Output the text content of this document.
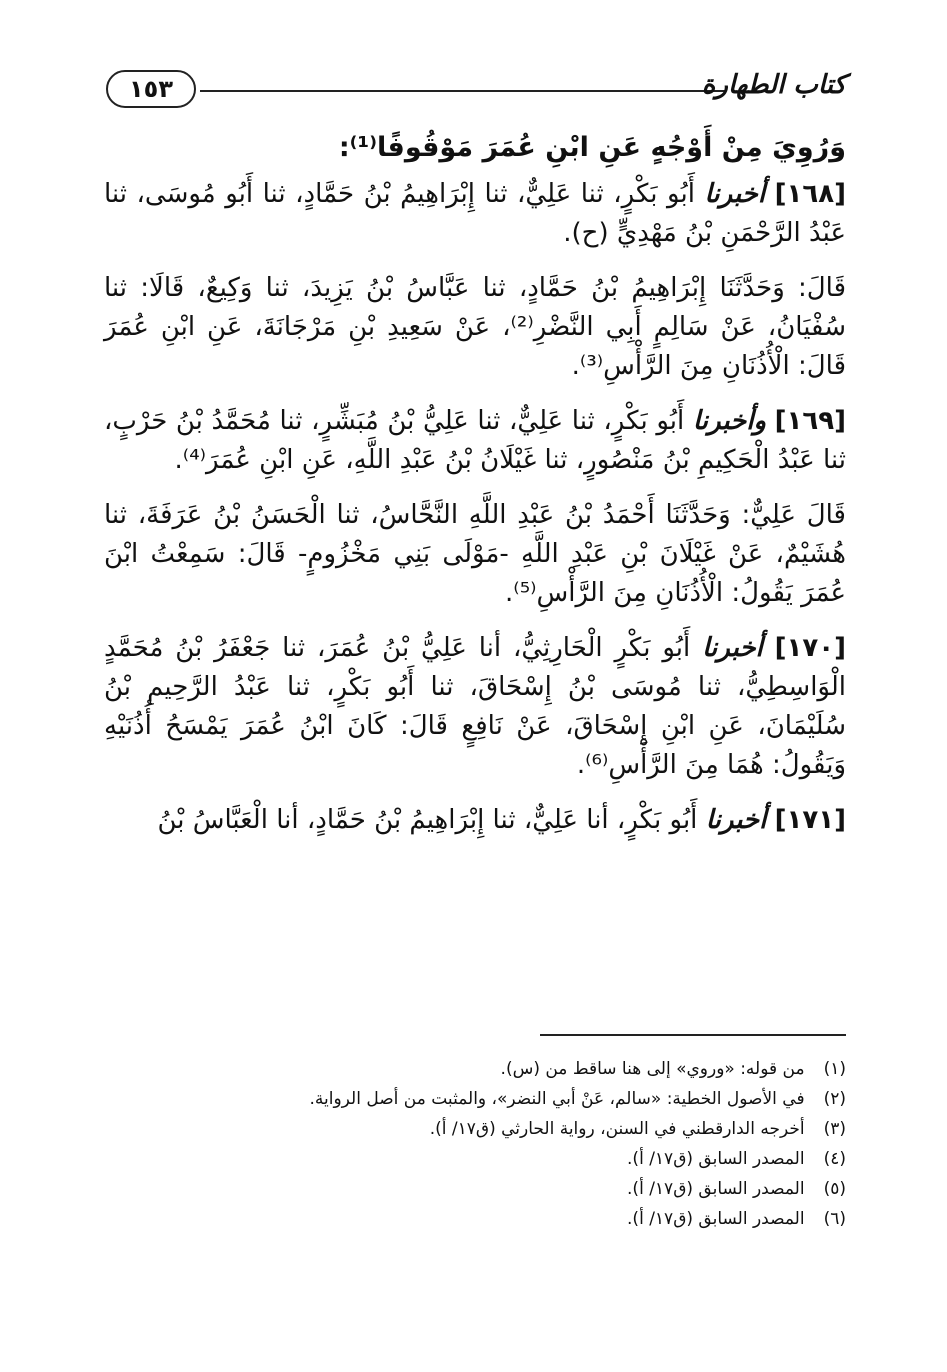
١٥٣	كتاب الطهارة

وَرُوِيَ مِنْ أَوْجُهٍ عَنِ ابْنِ عُمَرَ مَوْقُوفًا⁽¹⁾:

[١٦٨] أخبرنا أَبُو بَكْرٍ، ثنا عَلِيٌّ، ثنا إِبْرَاهِيمُ بْنُ حَمَّادٍ، ثنا أَبُو مُوسَى، ثنا عَبْدُ الرَّحْمَنِ بْنُ مَهْدِيٍّ (ح).

قَالَ: وَحَدَّثَنَا إِبْرَاهِيمُ بْنُ حَمَّادٍ، ثنا عَبَّاسُ بْنُ يَزِيدَ، ثنا وَكِيعٌ، قَالَا: ثنا سُفْيَانُ، عَنْ سَالِمٍ أَبِي النَّضْرِ⁽²⁾، عَنْ سَعِيدِ بْنِ مَرْجَانَةَ، عَنِ ابْنِ عُمَرَ قَالَ: الْأُذُنَانِ مِنَ الرَّأْسِ⁽³⁾.

[١٦٩] وأخبرنا أَبُو بَكْرٍ، ثنا عَلِيٌّ، ثنا عَلِيُّ بْنُ مُبَشِّرٍ، ثنا مُحَمَّدُ بْنُ حَرْبٍ، ثنا عَبْدُ الْحَكِيمِ بْنُ مَنْصُورٍ، ثنا غَيْلَانُ بْنُ عَبْدِ اللَّهِ، عَنِ ابْنِ عُمَرَ⁽⁴⁾.

قَالَ عَلِيٌّ: وَحَدَّثَنَا أَحْمَدُ بْنُ عَبْدِ اللَّهِ النَّحَّاسُ، ثنا الْحَسَنُ بْنُ عَرَفَةَ، ثنا هُشَيْمٌ، عَنْ غَيْلَانَ بْنِ عَبْدِ اللَّهِ -مَوْلَى بَنِي مَخْزُومٍ- قَالَ: سَمِعْتُ ابْنَ عُمَرَ يَقُولُ: الْأُذُنَانِ مِنَ الرَّأْسِ⁽⁵⁾.

[١٧٠] أخبرنا أَبُو بَكْرٍ الْحَارِثِيُّ، أنا عَلِيُّ بْنُ عُمَرَ، ثنا جَعْفَرُ بْنُ مُحَمَّدٍ الْوَاسِطِيُّ، ثنا مُوسَى بْنُ إِسْحَاقَ، ثنا أَبُو بَكْرٍ، ثنا عَبْدُ الرَّحِيمِ بْنُ سُلَيْمَانَ، عَنِ ابْنِ إِسْحَاقَ، عَنْ نَافِعٍ قَالَ: كَانَ ابْنُ عُمَرَ يَمْسَحُ أُذُنَيْهِ وَيَقُولُ: هُمَا مِنَ الرَّأْسِ⁽⁶⁾.

[١٧١] أخبرنا أَبُو بَكْرٍ، أنا عَلِيٌّ، ثنا إِبْرَاهِيمُ بْنُ حَمَّادٍ، أنا الْعَبَّاسُ بْنُ

(١) من قوله: «وروي» إلى هنا ساقط من (س).

(٢) في الأصول الخطية: «سالم، عَنْ أبي النضر»، والمثبت من أصل الرواية.

(٣) أخرجه الدارقطني في السنن، رواية الحارثي (ق١٧/ أ).

(٤) المصدر السابق (ق١٧/ أ).

(٥) المصدر السابق (ق١٧/ أ).

(٦) المصدر السابق (ق١٧/ أ).
